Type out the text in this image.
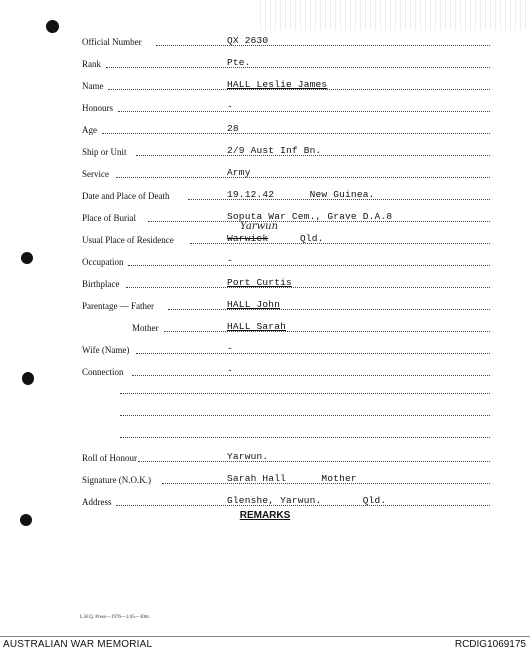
Official Number	QX 2630
Rank	Pte.
Name	HALL Leslie James
Honours	-
Age	28
Ship or Unit	2/9 Aust Inf Bn.
Service	Army
Date and Place of Death	19.12.42      New Guinea.
Place of Burial	Soputa War Cem., Grave D.A.8
Usual Place of Residence	Warwick	Qld.
Yarwun
Occupation	-
Birthplace	Port Curtis
Parentage — Father	HALL John
Mother	HALL Sarah
Wife (Name)	-
Connection	-
Roll of Honour	Yarwun.
Signature (N.O.K.)	Sarah Hall      Mother
Address	Glenshe, Yarwun.       Qld.
REMARKS
L.H.Q. Press—1976—1/45—30m.
AUSTRALIAN WAR MEMORIAL	RCDIG1069175
